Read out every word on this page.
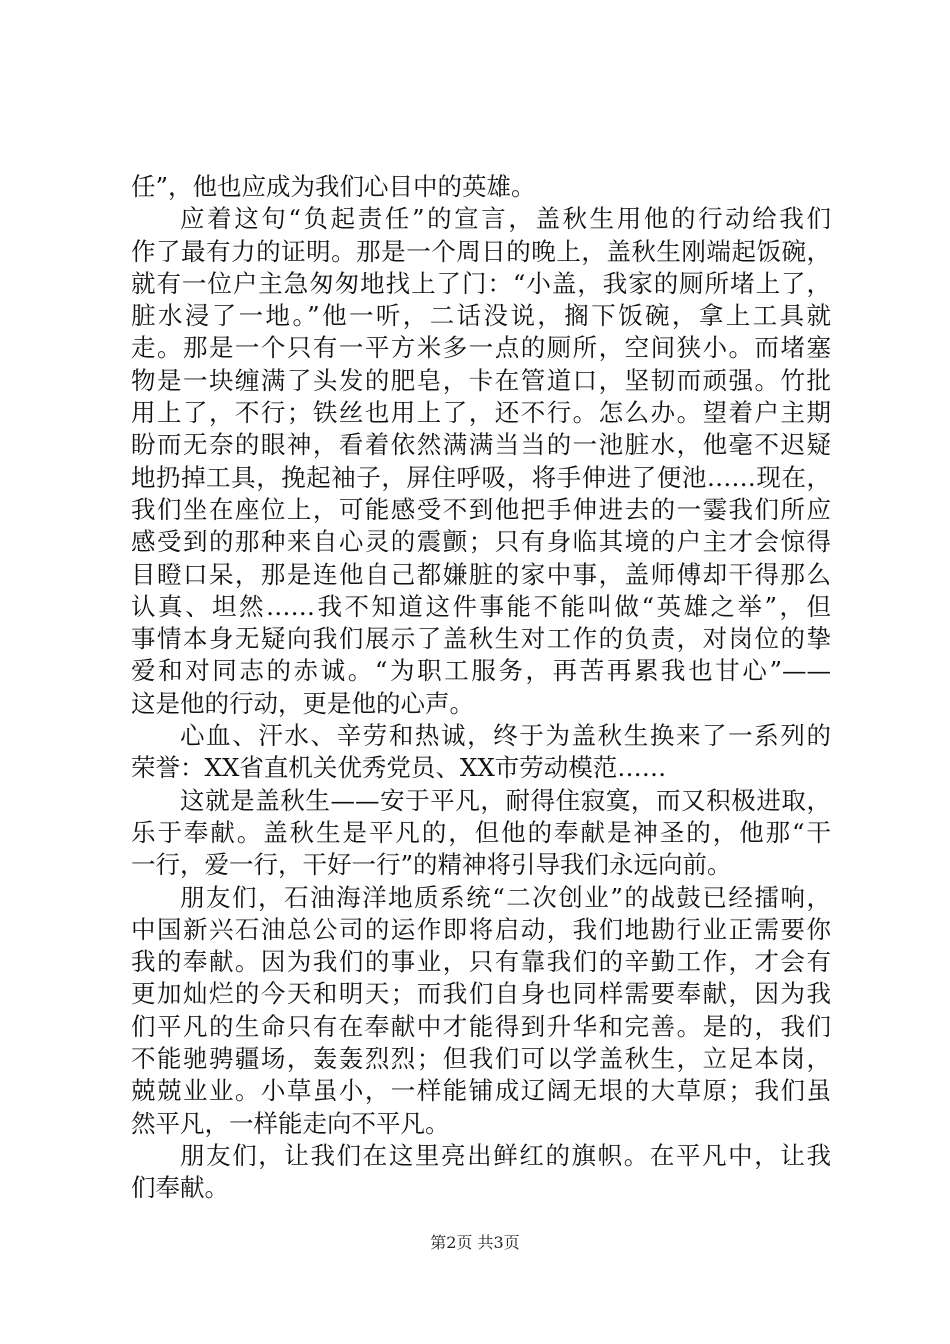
任”，他也应成为我们心目中的英雄。
应着这句“负起责任”的宣言，盖秋生用他的行动给我们
作了最有力的证明。那是一个周日的晚上，盖秋生刚端起饭碗，
就有一位户主急匆匆地找上了门：“小盖，我家的厕所堵上了，
脏水浸了一地。”他一听，二话没说，搁下饭碗，拿上工具就
走。那是一个只有一平方米多一点的厕所，空间狭小。而堵塞
物是一块缠满了头发的肥皂，卡在管道口，坚韧而顽强。竹批
用上了，不行；铁丝也用上了，还不行。怎么办。望着户主期
盼而无奈的眼神，看着依然满满当当的一池脏水，他毫不迟疑
地扔掉工具，挽起袖子，屏住呼吸，将手伸进了便池……现在，
我们坐在座位上，可能感受不到他把手伸进去的一霎我们所应
感受到的那种来自心灵的震颤；只有身临其境的户主才会惊得
目瞪口呆，那是连他自己都嫌脏的家中事，盖师傅却干得那么
认真、坦然……我不知道这件事能不能叫做“英雄之举”，但
事情本身无疑向我们展示了盖秋生对工作的负责，对岗位的挚
爱和对同志的赤诚。“为职工服务，再苦再累我也甘心”——
这是他的行动，更是他的心声。
心血、汗水、辛劳和热诚，终于为盖秋生换来了一系列的
荣誉：XX省直机关优秀党员、XX市劳动模范……
这就是盖秋生——安于平凡，耐得住寂寞，而又积极进取，
乐于奉献。盖秋生是平凡的，但他的奉献是神圣的，他那“干
一行，爱一行，干好一行”的精神将引导我们永远向前。
朋友们，石油海洋地质系统“二次创业”的战鼓已经擂响，
中国新兴石油总公司的运作即将启动，我们地勘行业正需要你
我的奉献。因为我们的事业，只有靠我们的辛勤工作，才会有
更加灿烂的今天和明天；而我们自身也同样需要奉献，因为我
们平凡的生命只有在奉献中才能得到升华和完善。是的，我们
不能驰骋疆场，轰轰烈烈；但我们可以学盖秋生，立足本岗，
兢兢业业。小草虽小，一样能铺成辽阔无垠的大草原；我们虽
然平凡，一样能走向不平凡。
朋友们，让我们在这里亮出鲜红的旗帜。在平凡中，让我
们奉献。
第2页 共3页
